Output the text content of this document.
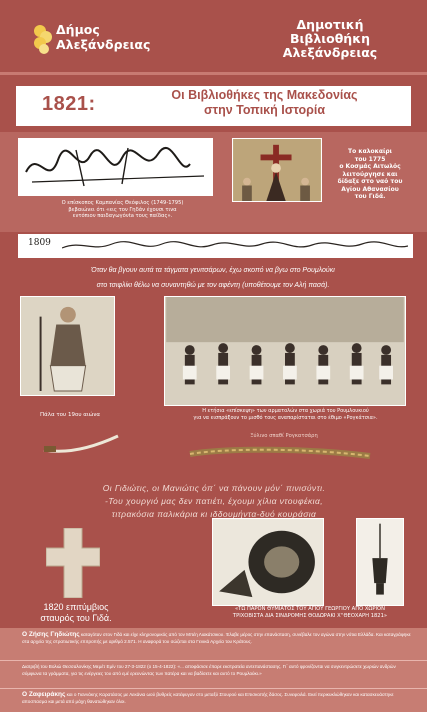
Δήμος
Αλεξάνδρειας
Δημοτική
Βιβλιοθήκη
Αλεξάνδρειας
1821:	Οι Βιβλιοθήκες της Μακεδονίας
στην Τοπική Ιστορία
Ο επίσκοπος Καμπανίας Θεόφιλος (1749-1795)
βεβαιώνει ότι «εις τον Γηδάν έχουσι τινα
εντόπιον παιδαγωγόνta τους παίδας».
Το καλοκαίρι
του 1775
ο Κοσμάς Αιτωλός
λειτούργησε και
δίδαξε στο ναό του
Αγίου Αθανασίου
του Γιδά.
1809
Όταν θα βγουν αυτά τα τάγματα γενιτσάρων, έχω σκοπό να βγω στο Ρουμλούκι
στο τσιφλίκι θέλω να συναντηθώ με τον αφέντη (υποθέτουμε τον Αλή πασά).
Πάλα του 19ου αιώνα
Η ετήσια «επίσκεψη» των αρματολών στα χωριά του Ρουμλουκιού
για να εισπράξουν το μισθό τους αναπαρίσταται στο έθιμο «Ρογκάτσια».
Ξύλινο σπαθί Ρογκατσάρη
Οι Γιδιώτις, οι Μανιώτις όπ΄ να πάνουν μόν΄ πινισύντι.
-Του χουργιό μας δεν πατιέτι, έχουμι χίλια ντουφέκια,
τιτρακόσια παλικάρια κι ιδδουμήντα-δυό κουράσια
1820 επιτύμβιος
σταυρός του Γιδά.
«ΤΩ ΠΑΡΟΝ ΘΥΜΙΑΤΟΣ ΤΟΥ ΑΓΙΟΥ ΓΕΩΡΓΙΟΥ ΑΠΟ ΧΩΡΙΟΝ
ΤΡΙΧΟΒΙΣΤΑ ΔΙΑ ΣΙΝΔΡΟΜΗΣ ΘΟΔΩΡΑΚΙ Χ''ΘΕΟΧΑΡΗ 1821»
Ο Ζήσης Γηδιώτης καταγόταν στον Γιδά και είχε κληρονομικός από τον Μπέη Λιακάτσικου. Έλαβε μέρος στην επανάσταση, συνέβαλε τον αγώνα στην νότια Ελλάδα. Και καταγράφηκε στα αρχεία της στρατιωτικής επιτροπής με αριθμό 2.571. Η αναφορά του σώζεται στα Γενικά Αρχεία του Κράτους.
Διατριβή του Βολιώ Θεσσαλονίκης Μεμέτ Εμίν του 27-3-1822 (ο 15-4-1822): «... αποφάσισε έπαρε εκστρατεία αντεπανάστασης. Γι΄ αυτό φρονίζονται να συγκεντρώσετε χωριών ανδρών σύμφωνα τα γράμματα, για τις ενέργειες του από εμέ ερευνώντας των πατέρα και να βαδίσετε και αυτό το Ρουμλούκι.»
Ο Ζαφειράκης και ο Γιαννάκης Καρατάσος με Λεκάνια ωού βυθρείς κατέφυγαν στο μεταξύ Στουρού και Επισκοπής δάσος. Συνεφοιλά. Εκεί περικυκλώθηκαν και κατασκευάστηκε αποσπασμα και μετά από μάχη θανατώθηκαν όλοι.
